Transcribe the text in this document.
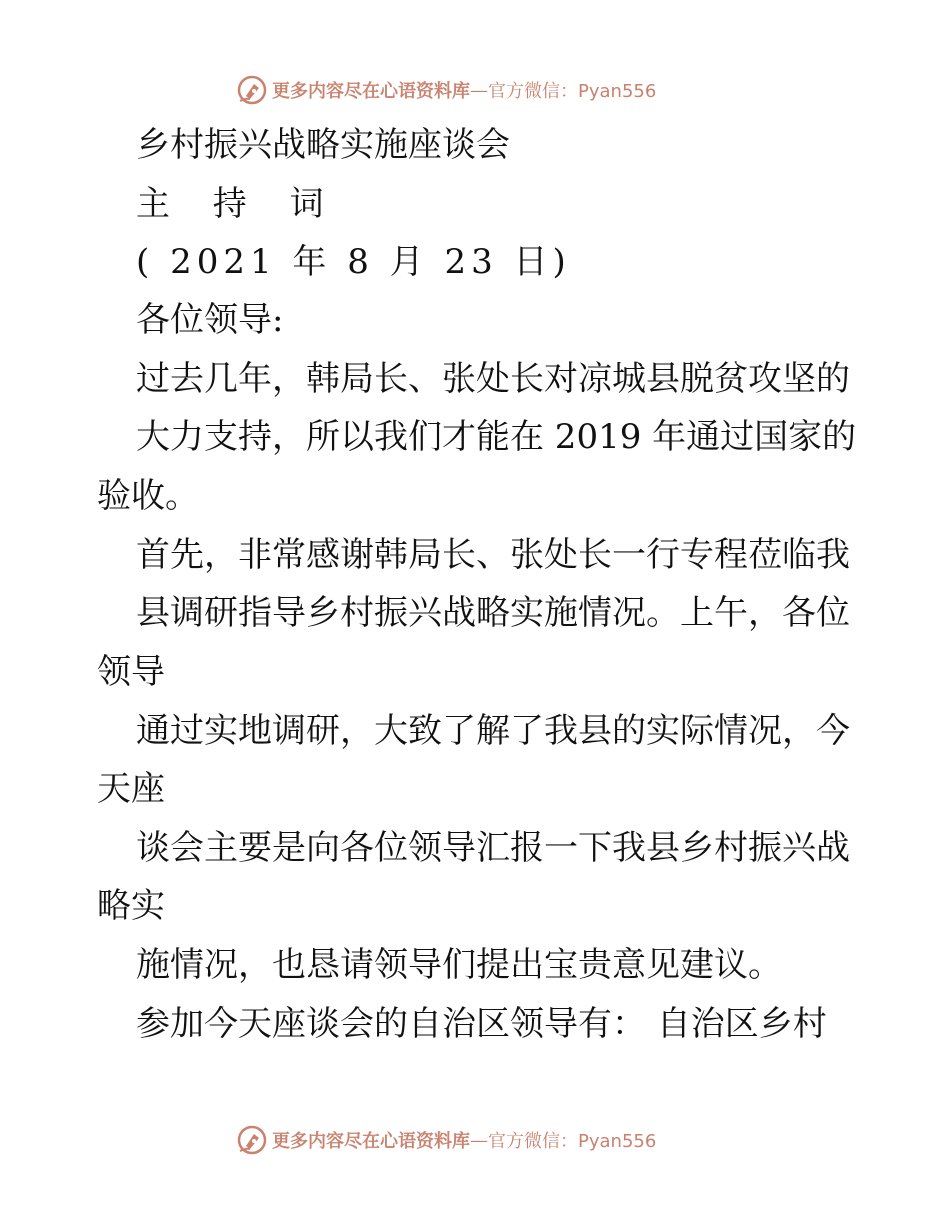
更多内容尽在心语资料库 — 官方微信：Pyan556
乡村振兴战略实施座谈会
主 持 词
( 2021 年 8 月 23 日)
各位领导:
过去几年，韩局长、张处长对凉城县脱贫攻坚的
大力支持，所以我们才能在 2019 年通过国家的
验收。
首先，非常感谢韩局长、张处长一行专程莅临我
县调研指导乡村振兴战略实施情况。上午，各位
领导
通过实地调研，大致了解了我县的实际情况，今
天座
谈会主要是向各位领导汇报一下我县乡村振兴战
略实
施情况，也恳请领导们提出宝贵意见建议。
参加今天座谈会的自治区领导有： 自治区乡村
更多内容尽在心语资料库 — 官方微信：Pyan556
